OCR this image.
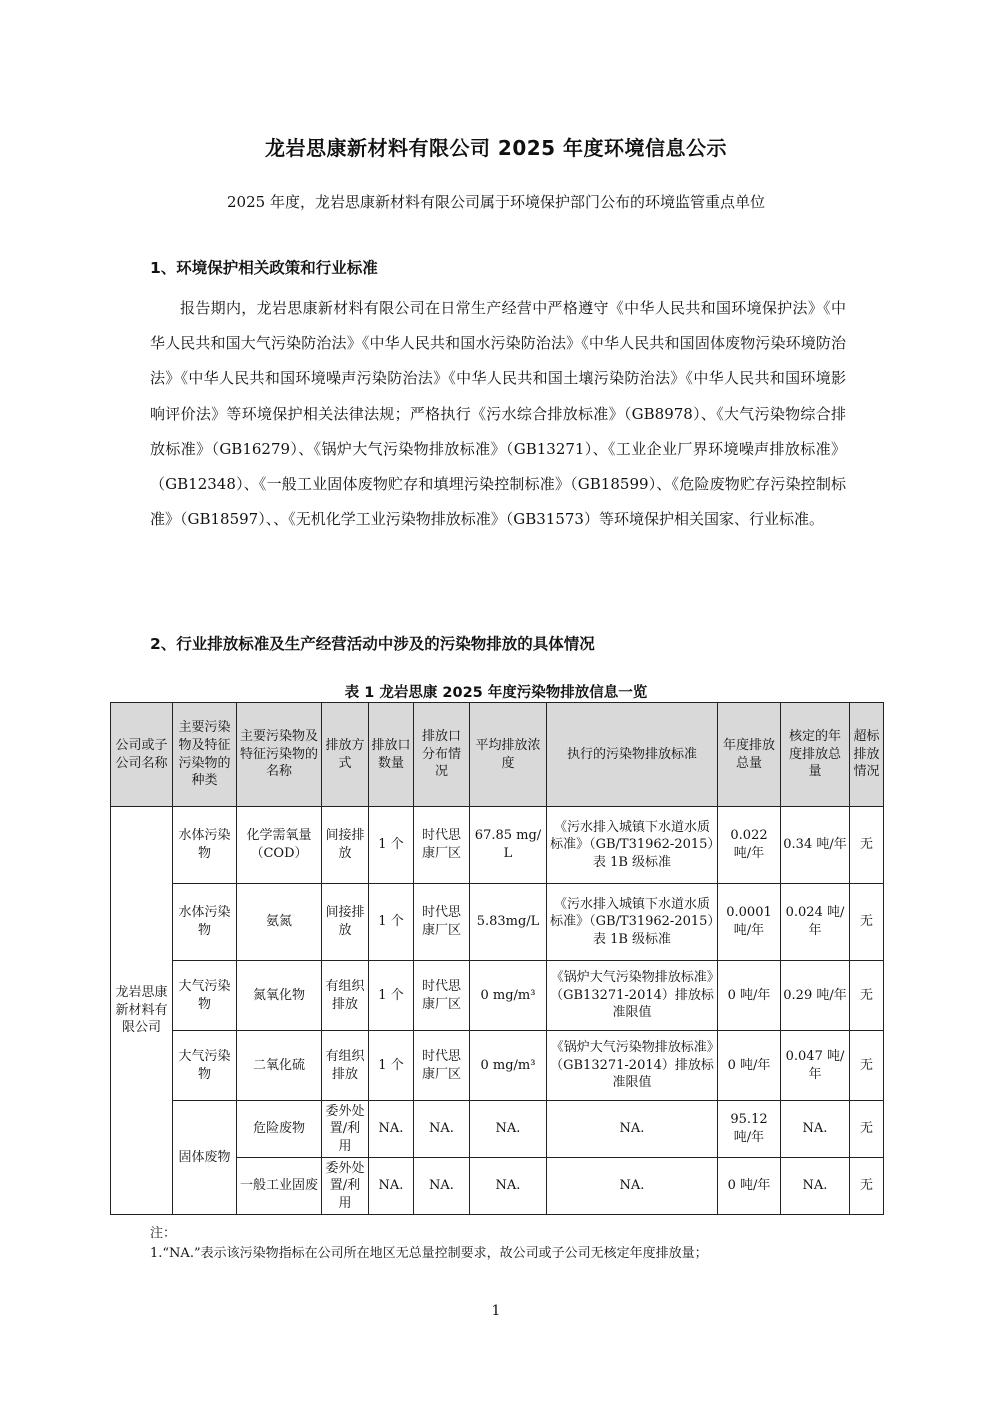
龙岩思康新材料有限公司 2025 年度环境信息公示
2025 年度，龙岩思康新材料有限公司属于环境保护部门公布的环境监管重点单位
1、环境保护相关政策和行业标准

报告期内，龙岩思康新材料有限公司在日常生产经营中严格遵守《中华人民共和国环境保护法》《中华人民共和国大气污染防治法》《中华人民共和国水污染防治法》《中华人民共和国固体废物污染环境防治法》《中华人民共和国环境噪声污染防治法》《中华人民共和国土壤污染防治法》《中华人民共和国环境影响评价法》等环境保护相关法律法规；严格执行《污水综合排放标准》（GB8978）、《大气污染物综合排放标准》（GB16279）、《锅炉大气污染物排放标准》（GB13271）、《工业企业厂界环境噪声排放标准》（GB12348）、《一般工业固体废物贮存和填埋污染控制标准》（GB18599）、《危险废物贮存污染控制标准》（GB18597）、、《无机化学工业污染物排放标准》（GB31573）等环境保护相关国家、行业标准。

2、行业排放标准及生产经营活动中涉及的污染物排放的具体情况
表 1 龙岩思康 2025 年度污染物排放信息一览
公司或子公司名称	主要污染物及特征污染物的种类	主要污染物及特征污染物的名称	排放方式	排放口数量	排放口分布情况	平均排放浓度	执行的污染物排放标准	年度排放总量	核定的年度排放总量	超标排放情况
龙岩思康新材料有限公司	水体污染物	化学需氧量（COD）	间接排放	1 个	时代思康厂区	67.85 mg/L	《污水排入城镇下水道水质标准》（GB/T31962-2015）表 1B 级标准	0.022 吨/年	0.34 吨/年	无
	水体污染物	氨氮	间接排放	1 个	时代思康厂区	5.83mg/L	《污水排入城镇下水道水质标准》（GB/T31962-2015）表 1B 级标准	0.0001 吨/年	0.024 吨/年	无
	大气污染物	氮氧化物	有组织排放	1 个	时代思康厂区	0 mg/m³	《锅炉大气污染物排放标准》（GB13271-2014）排放标准限值	0 吨/年	0.29 吨/年	无
	大气污染物	二氧化硫	有组织排放	1 个	时代思康厂区	0 mg/m³	《锅炉大气污染物排放标准》（GB13271-2014）排放标准限值	0 吨/年	0.047 吨/年	无
	固体废物	危险废物	委外处置/利用	NA.	NA.	NA.	NA.	95.12 吨/年	NA.	无
		一般工业固废	委外处置/利用	NA.	NA.	NA.	NA.	0 吨/年	NA.	无
注：
1.“NA.”表示该污染物指标在公司所在地区无总量控制要求，故公司或子公司无核定年度排放量；
1
